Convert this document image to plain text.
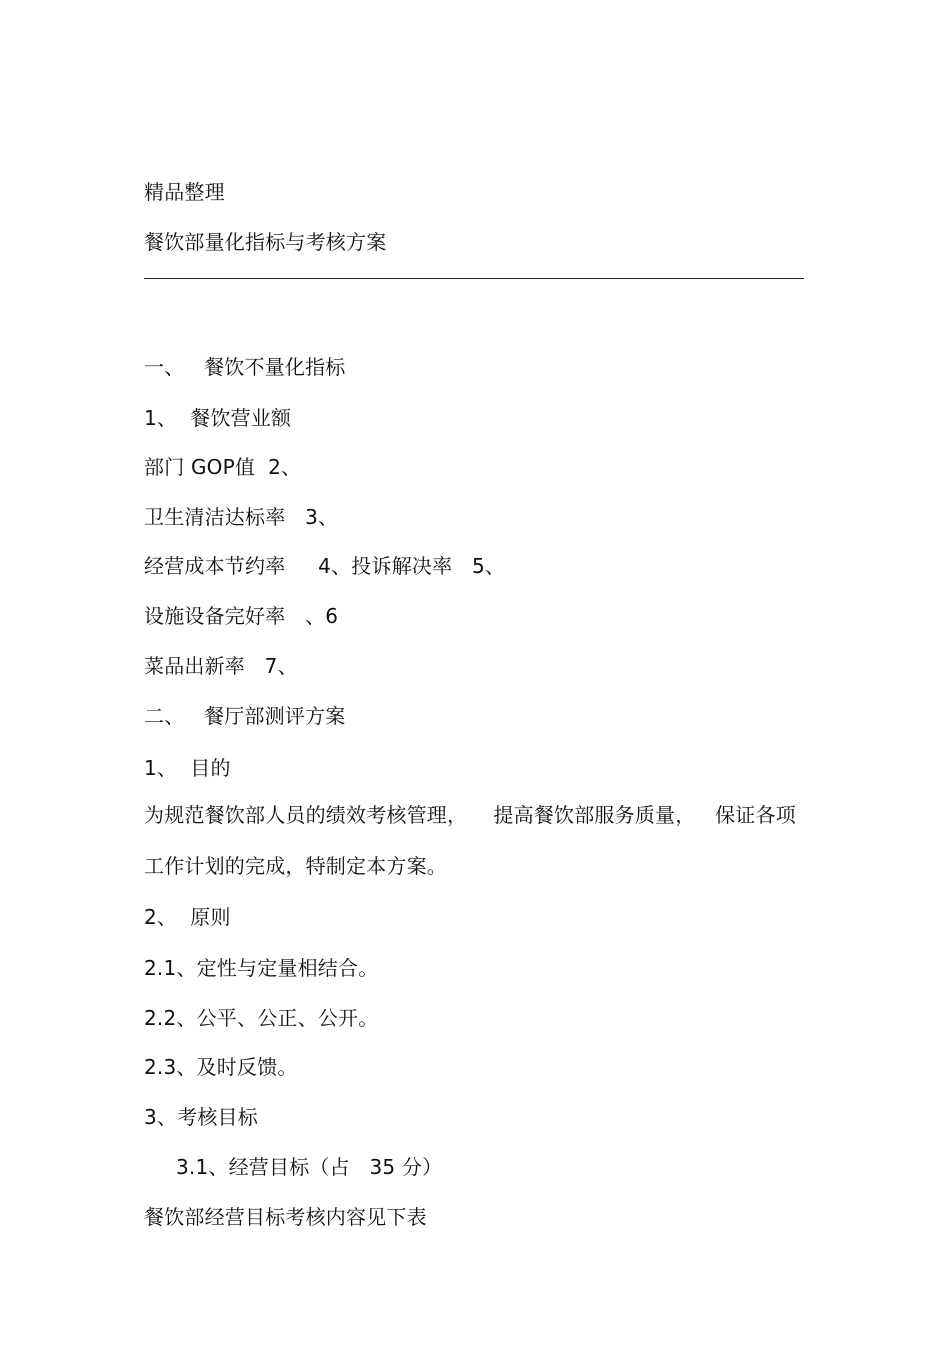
精品整理
餐饮部量化指标与考核方案
一、   餐饮不量化指标
1、  餐饮营业额
部门 GOP值  2、
卫生清洁达标率   3、
经营成本节约率     4、投诉解决率   5、
设施设备完好率   、6
菜品出新率   7、
二、   餐厅部测评方案
1、  目的
为规范餐饮部人员的绩效考核管理，    提高餐饮部服务质量，   保证各项
工作计划的完成，特制定本方案。
2、  原则
2.1、定性与定量相结合。
2.2、公平、公正、公开。
2.3、及时反馈。
3、考核目标
3.1、经营目标（占   35 分）
餐饮部经营目标考核内容见下表
